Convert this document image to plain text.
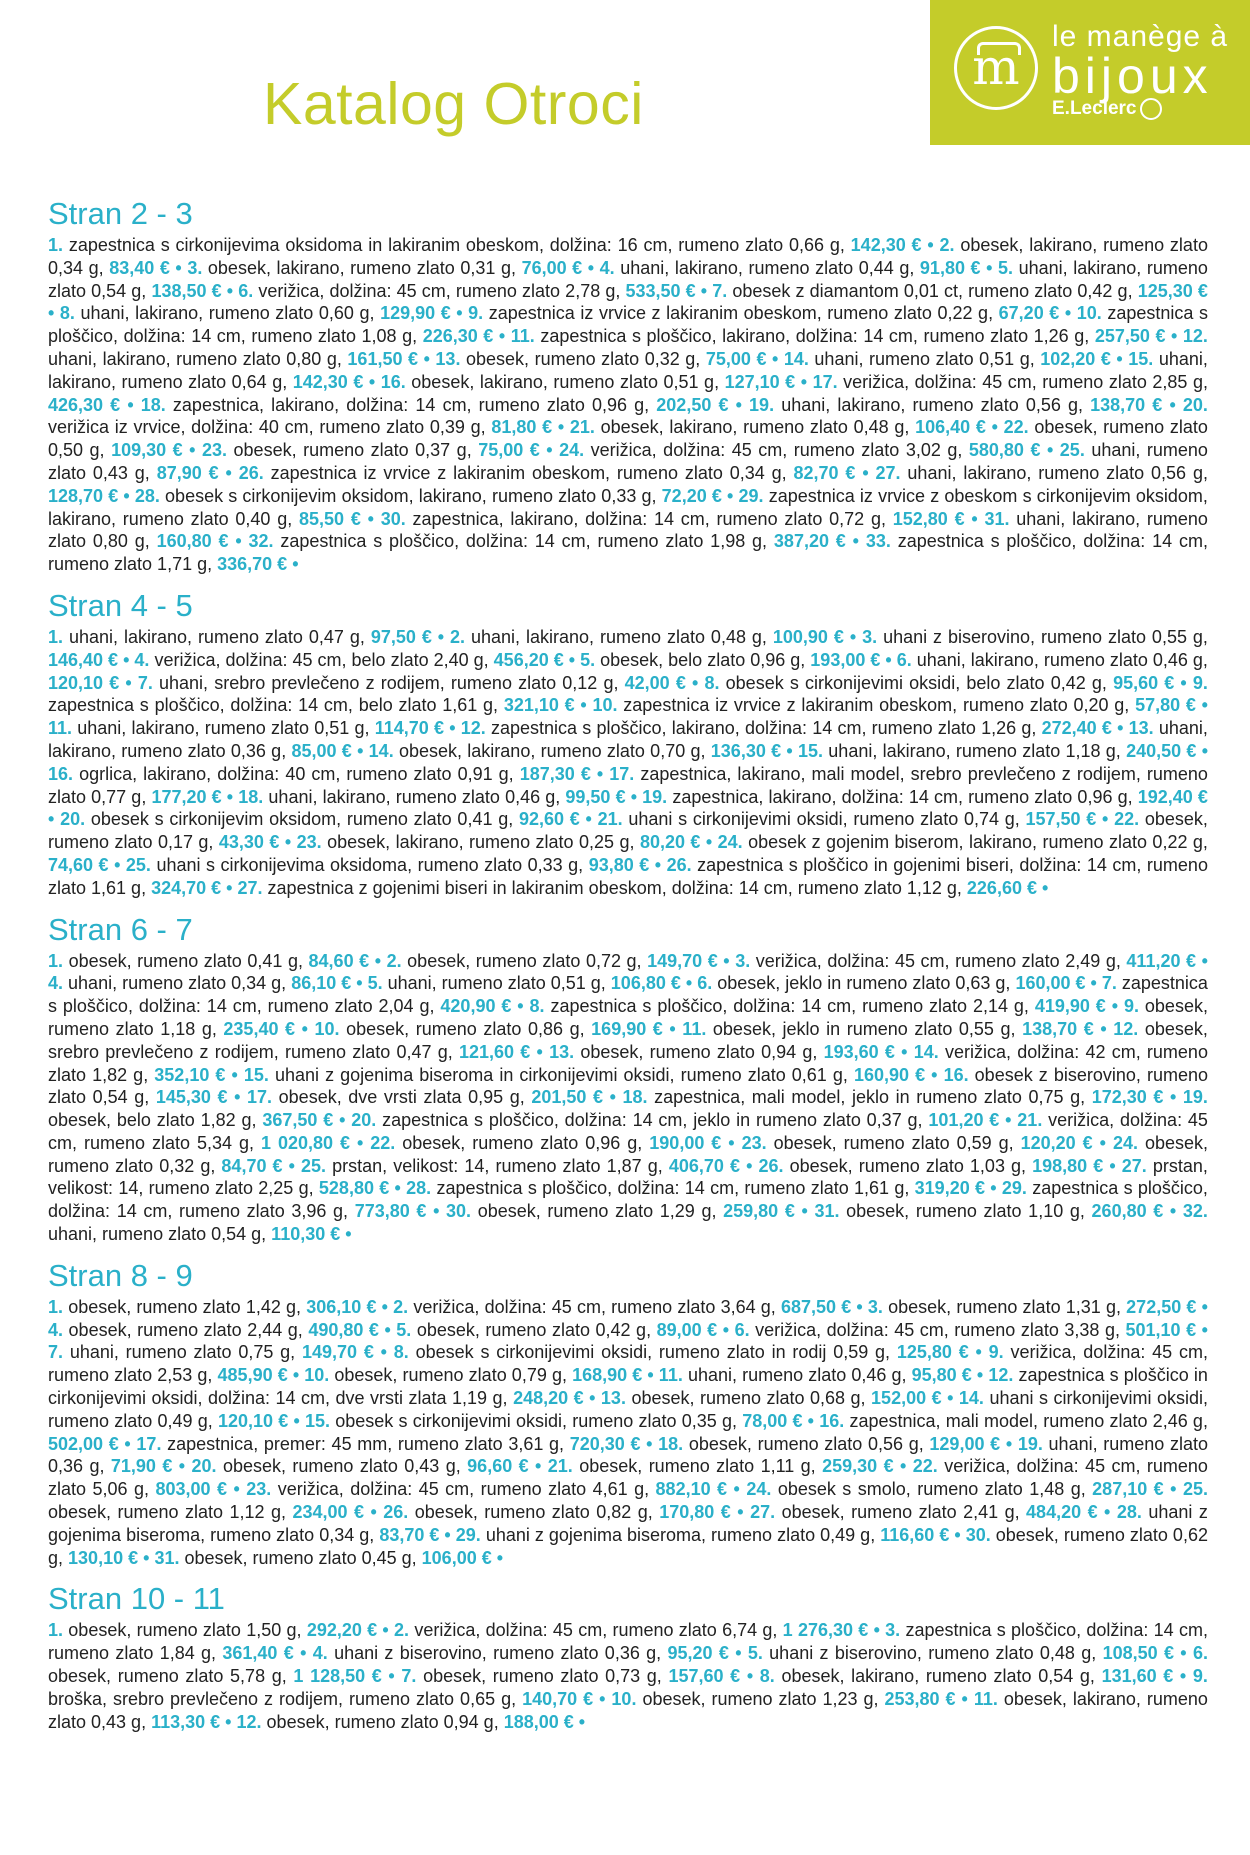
m
le manège à
bijoux
E.Leclerc
Katalog Otroci
Stran 2 - 3

1. zapestnica s cirkonijevima oksidoma in lakiranim obeskom, dolžina: 16 cm, rumeno zlato 0,66 g, 142,30 € • 2. obesek, lakirano, rumeno zlato 0,34 g, 83,40 € • 3. obesek, lakirano, rumeno zlato 0,31 g, 76,00 € • 4. uhani, lakirano, rumeno zlato 0,44 g, 91,80 € • 5. uhani, lakirano, rumeno zlato 0,54 g, 138,50 € • 6. verižica, dolžina: 45 cm, rumeno zlato 2,78 g, 533,50 € • 7. obesek z diamantom 0,01 ct, rumeno zlato 0,42 g, 125,30 € • 8. uhani, lakirano, rumeno zlato 0,60 g, 129,90 € • 9. zapestnica iz vrvice z lakiranim obeskom, rumeno zlato 0,22 g, 67,20 € • 10. zapestnica s ploščico, dolžina: 14 cm, rumeno zlato 1,08 g, 226,30 € • 11. zapestnica s ploščico, lakirano, dolžina: 14 cm, rumeno zlato 1,26 g, 257,50 € • 12. uhani, lakirano, rumeno zlato 0,80 g, 161,50 € • 13. obesek, rumeno zlato 0,32 g, 75,00 € • 14. uhani, rumeno zlato 0,51 g, 102,20 € • 15. uhani, lakirano, rumeno zlato 0,64 g, 142,30 € • 16. obesek, lakirano, rumeno zlato 0,51 g, 127,10 € • 17. verižica, dolžina: 45 cm, rumeno zlato 2,85 g, 426,30 € • 18. zapestnica, lakirano, dolžina: 14 cm, rumeno zlato 0,96 g, 202,50 € • 19. uhani, lakirano, rumeno zlato 0,56 g, 138,70 € • 20. verižica iz vrvice, dolžina: 40 cm, rumeno zlato 0,39 g, 81,80 € • 21. obesek, lakirano, rumeno zlato 0,48 g, 106,40 € • 22. obesek, rumeno zlato 0,50 g, 109,30 € • 23. obesek, rumeno zlato 0,37 g, 75,00 € • 24. verižica, dolžina: 45 cm, rumeno zlato 3,02 g, 580,80 € • 25. uhani, rumeno zlato 0,43 g, 87,90 € • 26. zapestnica iz vrvice z lakiranim obeskom, rumeno zlato 0,34 g, 82,70 € • 27. uhani, lakirano, rumeno zlato 0,56 g, 128,70 € • 28. obesek s cirkonijevim oksidom, lakirano, rumeno zlato 0,33 g, 72,20 € • 29. zapestnica iz vrvice z obeskom s cirkonijevim oksidom, lakirano, rumeno zlato 0,40 g, 85,50 € • 30. zapestnica, lakirano, dolžina: 14 cm, rumeno zlato 0,72 g, 152,80 € • 31. uhani, lakirano, rumeno zlato 0,80 g, 160,80 € • 32. zapestnica s ploščico, dolžina: 14 cm, rumeno zlato 1,98 g, 387,20 € • 33. zapestnica s ploščico, dolžina: 14 cm, rumeno zlato 1,71 g, 336,70 € •

Stran 4 - 5

1. uhani, lakirano, rumeno zlato 0,47 g, 97,50 € • 2. uhani, lakirano, rumeno zlato 0,48 g, 100,90 € • 3. uhani z biserovino, rumeno zlato 0,55 g, 146,40 € • 4. verižica, dolžina: 45 cm, belo zlato 2,40 g, 456,20 € • 5. obesek, belo zlato 0,96 g, 193,00 € • 6. uhani, lakirano, rumeno zlato 0,46 g, 120,10 € • 7. uhani, srebro prevlečeno z rodijem, rumeno zlato 0,12 g, 42,00 € • 8. obesek s cirkonijevimi oksidi, belo zlato 0,42 g, 95,60 € • 9. zapestnica s ploščico, dolžina: 14 cm, belo zlato 1,61 g, 321,10 € • 10. zapestnica iz vrvice z lakiranim obeskom, rumeno zlato 0,20 g, 57,80 € • 11. uhani, lakirano, rumeno zlato 0,51 g, 114,70 € • 12. zapestnica s ploščico, lakirano, dolžina: 14 cm, rumeno zlato 1,26 g, 272,40 € • 13. uhani, lakirano, rumeno zlato 0,36 g, 85,00 € • 14. obesek, lakirano, rumeno zlato 0,70 g, 136,30 € • 15. uhani, lakirano, rumeno zlato 1,18 g, 240,50 € • 16. ogrlica, lakirano, dolžina: 40 cm, rumeno zlato 0,91 g, 187,30 € • 17. zapestnica, lakirano, mali model, srebro prevlečeno z rodijem, rumeno zlato 0,77 g, 177,20 € • 18. uhani, lakirano, rumeno zlato 0,46 g, 99,50 € • 19. zapestnica, lakirano, dolžina: 14 cm, rumeno zlato 0,96 g, 192,40 € • 20. obesek s cirkonijevim oksidom, rumeno zlato 0,41 g, 92,60 € • 21. uhani s cirkonijevimi oksidi, rumeno zlato 0,74 g, 157,50 € • 22. obesek, rumeno zlato 0,17 g, 43,30 € • 23. obesek, lakirano, rumeno zlato 0,25 g, 80,20 € • 24. obesek z gojenim biserom, lakirano, rumeno zlato 0,22 g, 74,60 € • 25. uhani s cirkonijevima oksidoma, rumeno zlato 0,33 g, 93,80 € • 26. zapestnica s ploščico in gojenimi biseri, dolžina: 14 cm, rumeno zlato 1,61 g, 324,70 € • 27. zapestnica z gojenimi biseri in lakiranim obeskom, dolžina: 14 cm, rumeno zlato 1,12 g, 226,60 € •

Stran 6 - 7

1. obesek, rumeno zlato 0,41 g, 84,60 € • 2. obesek, rumeno zlato 0,72 g, 149,70 € • 3. verižica, dolžina: 45 cm, rumeno zlato 2,49 g, 411,20 € • 4. uhani, rumeno zlato 0,34 g, 86,10 € • 5. uhani, rumeno zlato 0,51 g, 106,80 € • 6. obesek, jeklo in rumeno zlato 0,63 g, 160,00 € • 7. zapestnica s ploščico, dolžina: 14 cm, rumeno zlato 2,04 g, 420,90 € • 8. zapestnica s ploščico, dolžina: 14 cm, rumeno zlato 2,14 g, 419,90 € • 9. obesek, rumeno zlato 1,18 g, 235,40 € • 10. obesek, rumeno zlato 0,86 g, 169,90 € • 11. obesek, jeklo in rumeno zlato 0,55 g, 138,70 € • 12. obesek, srebro prevlečeno z rodijem, rumeno zlato 0,47 g, 121,60 € • 13. obesek, rumeno zlato 0,94 g, 193,60 € • 14. verižica, dolžina: 42 cm, rumeno zlato 1,82 g, 352,10 € • 15. uhani z gojenima biseroma in cirkonijevimi oksidi, rumeno zlato 0,61 g, 160,90 € • 16. obesek z biserovino, rumeno zlato 0,54 g, 145,30 € • 17. obesek, dve vrsti zlata 0,95 g, 201,50 € • 18. zapestnica, mali model, jeklo in rumeno zlato 0,75 g, 172,30 € • 19. obesek, belo zlato 1,82 g, 367,50 € • 20. zapestnica s ploščico, dolžina: 14 cm, jeklo in rumeno zlato 0,37 g, 101,20 € • 21. verižica, dolžina: 45 cm, rumeno zlato 5,34 g, 1 020,80 € • 22. obesek, rumeno zlato 0,96 g, 190,00 € • 23. obesek, rumeno zlato 0,59 g, 120,20 € • 24. obesek, rumeno zlato 0,32 g, 84,70 € • 25. prstan, velikost: 14, rumeno zlato 1,87 g, 406,70 € • 26. obesek, rumeno zlato 1,03 g, 198,80 € • 27. prstan, velikost: 14, rumeno zlato 2,25 g, 528,80 € • 28. zapestnica s ploščico, dolžina: 14 cm, rumeno zlato 1,61 g, 319,20 € • 29. zapestnica s ploščico, dolžina: 14 cm, rumeno zlato 3,96 g, 773,80 € • 30. obesek, rumeno zlato 1,29 g, 259,80 € • 31. obesek, rumeno zlato 1,10 g, 260,80 € • 32. uhani, rumeno zlato 0,54 g, 110,30 € •

Stran 8 - 9

1. obesek, rumeno zlato 1,42 g, 306,10 € • 2. verižica, dolžina: 45 cm, rumeno zlato 3,64 g, 687,50 € • 3. obesek, rumeno zlato 1,31 g, 272,50 € • 4. obesek, rumeno zlato 2,44 g, 490,80 € • 5. obesek, rumeno zlato 0,42 g, 89,00 € • 6. verižica, dolžina: 45 cm, rumeno zlato 3,38 g, 501,10 € • 7. uhani, rumeno zlato 0,75 g, 149,70 € • 8. obesek s cirkonijevimi oksidi, rumeno zlato in rodij 0,59 g, 125,80 € • 9. verižica, dolžina: 45 cm, rumeno zlato 2,53 g, 485,90 € • 10. obesek, rumeno zlato 0,79 g, 168,90 € • 11. uhani, rumeno zlato 0,46 g, 95,80 € • 12. zapestnica s ploščico in cirkonijevimi oksidi, dolžina: 14 cm, dve vrsti zlata 1,19 g, 248,20 € • 13. obesek, rumeno zlato 0,68 g, 152,00 € • 14. uhani s cirkonijevimi oksidi, rumeno zlato 0,49 g, 120,10 € • 15. obesek s cirkonijevimi oksidi, rumeno zlato 0,35 g, 78,00 € • 16. zapestnica, mali model, rumeno zlato 2,46 g, 502,00 € • 17. zapestnica, premer: 45 mm, rumeno zlato 3,61 g, 720,30 € • 18. obesek, rumeno zlato 0,56 g, 129,00 € • 19. uhani, rumeno zlato 0,36 g, 71,90 € • 20. obesek, rumeno zlato 0,43 g, 96,60 € • 21. obesek, rumeno zlato 1,11 g, 259,30 € • 22. verižica, dolžina: 45 cm, rumeno zlato 5,06 g, 803,00 € • 23. verižica, dolžina: 45 cm, rumeno zlato 4,61 g, 882,10 € • 24. obesek s smolo, rumeno zlato 1,48 g, 287,10 € • 25. obesek, rumeno zlato 1,12 g, 234,00 € • 26. obesek, rumeno zlato 0,82 g, 170,80 € • 27. obesek, rumeno zlato 2,41 g, 484,20 € • 28. uhani z gojenima biseroma, rumeno zlato 0,34 g, 83,70 € • 29. uhani z gojenima biseroma, rumeno zlato 0,49 g, 116,60 € • 30. obesek, rumeno zlato 0,62 g, 130,10 € • 31. obesek, rumeno zlato 0,45 g, 106,00 € •

Stran 10 - 11

1. obesek, rumeno zlato 1,50 g, 292,20 € • 2. verižica, dolžina: 45 cm, rumeno zlato 6,74 g, 1 276,30 € • 3. zapestnica s ploščico, dolžina: 14 cm, rumeno zlato 1,84 g, 361,40 € • 4. uhani z biserovino, rumeno zlato 0,36 g, 95,20 € • 5. uhani z biserovino, rumeno zlato 0,48 g, 108,50 € • 6. obesek, rumeno zlato 5,78 g, 1 128,50 € • 7. obesek, rumeno zlato 0,73 g, 157,60 € • 8. obesek, lakirano, rumeno zlato 0,54 g, 131,60 € • 9. broška, srebro prevlečeno z rodijem, rumeno zlato 0,65 g, 140,70 € • 10. obesek, rumeno zlato 1,23 g, 253,80 € • 11. obesek, lakirano, rumeno zlato 0,43 g, 113,30 € • 12. obesek, rumeno zlato 0,94 g, 188,00 € •
